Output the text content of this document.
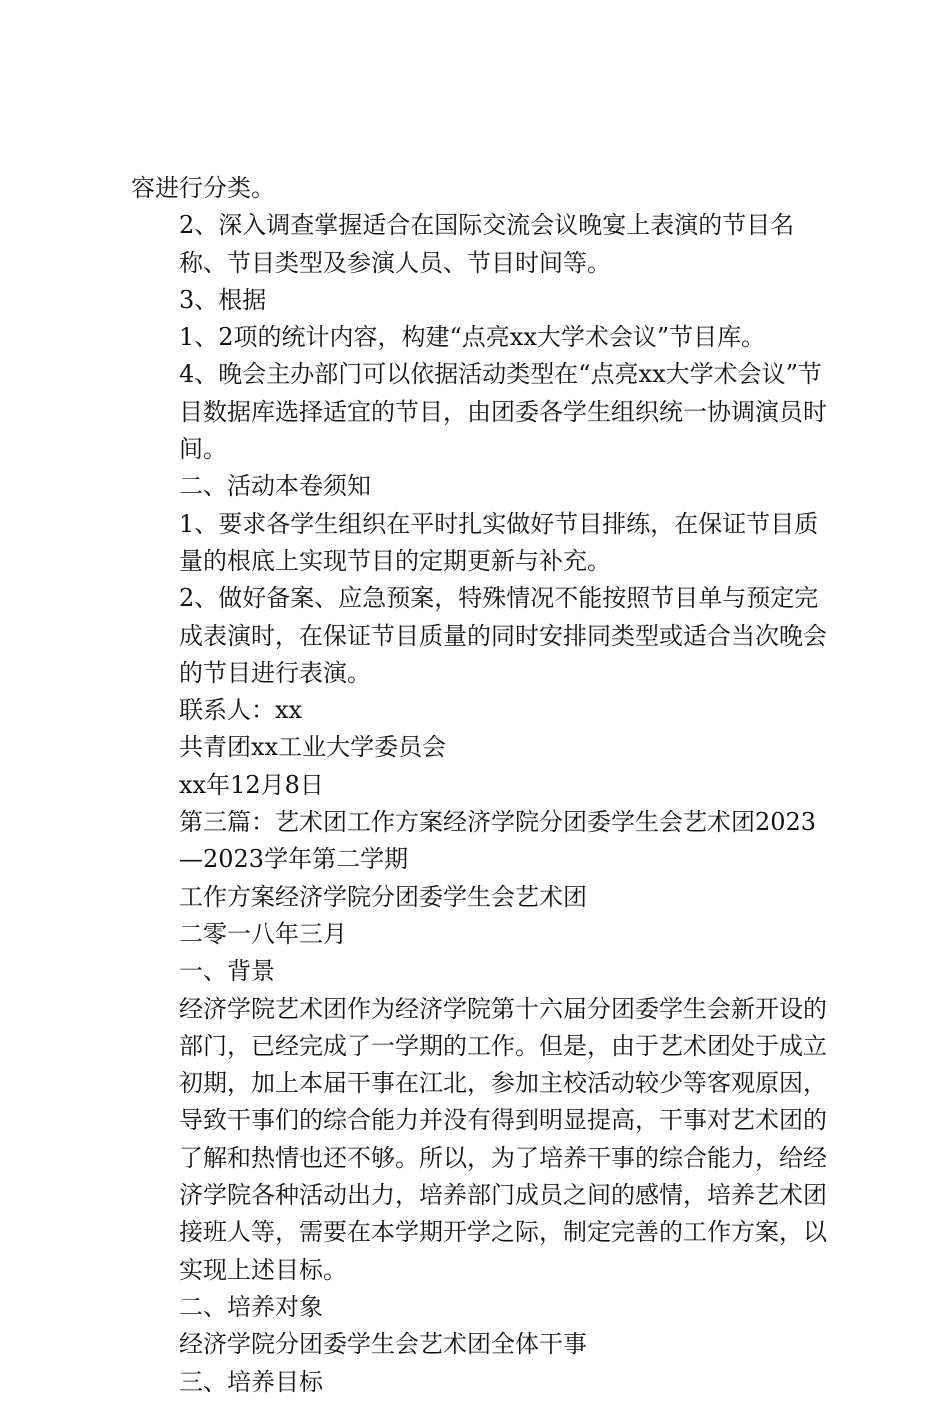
容进行分类。

2、深入调查掌握适合在国际交流会议晚宴上表演的节目名称、节目类型及参演人员、节目时间等。

3、根据

1、2项的统计内容，构建“点亮xx大学术会议”节目库。

4、晚会主办部门可以依据活动类型在“点亮xx大学术会议”节目数据库选择适宜的节目，由团委各学生组织统一协调演员时间。

二、活动本卷须知

1、要求各学生组织在平时扎实做好节目排练，在保证节目质量的根底上实现节目的定期更新与补充。

2、做好备案、应急预案，特殊情况不能按照节目单与预定完成表演时，在保证节目质量的同时安排同类型或适合当次晚会的节目进行表演。

联系人：xx

共青团xx工业大学委员会

xx年12月8日

第三篇：艺术团工作方案经济学院分团委学生会艺术团2023—2023学年第二学期

工作方案经济学院分团委学生会艺术团

二零一八年三月

一、背景

经济学院艺术团作为经济学院第十六届分团委学生会新开设的部门，已经完成了一学期的工作。但是，由于艺术团处于成立初期，加上本届干事在江北，参加主校活动较少等客观原因，导致干事们的综合能力并没有得到明显提高，干事对艺术团的了解和热情也还不够。所以，为了培养干事的综合能力，给经济学院各种活动出力，培养部门成员之间的感情，培养艺术团接班人等，需要在本学期开学之际，制定完善的工作方案，以实现上述目标。

二、培养对象

经济学院分团委学生会艺术团全体干事

三、培养目标
